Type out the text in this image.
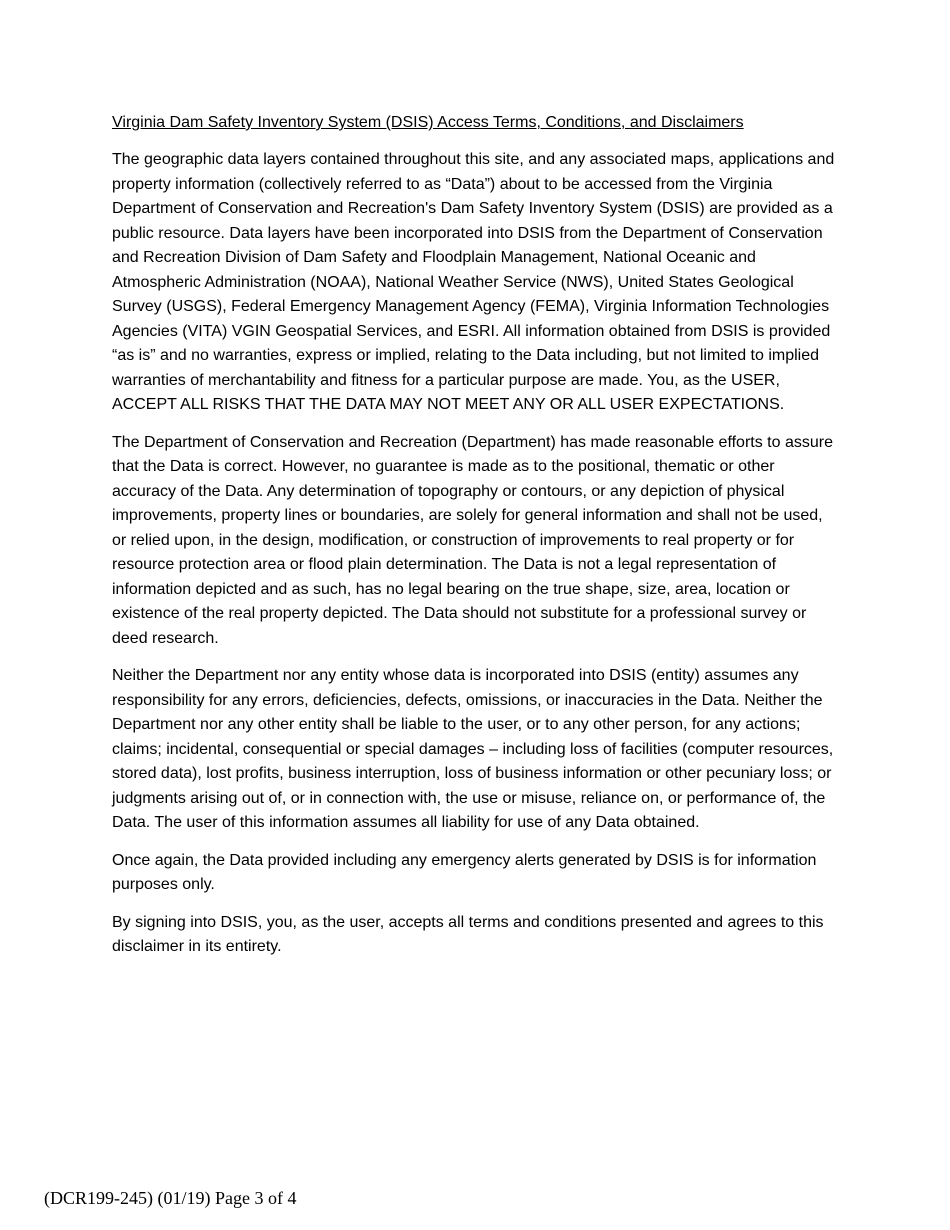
Virginia Dam Safety Inventory System (DSIS) Access Terms, Conditions, and Disclaimers

The geographic data layers contained throughout this site, and any associated maps, applications and property information (collectively referred to as “Data”) about to be accessed from the Virginia Department of Conservation and Recreation's Dam Safety Inventory System (DSIS) are provided as a public resource. Data layers have been incorporated into DSIS from the Department of Conservation and Recreation Division of Dam Safety and Floodplain Management, National Oceanic and Atmospheric Administration (NOAA), National Weather Service (NWS), United States Geological Survey (USGS), Federal Emergency Management Agency (FEMA), Virginia Information Technologies Agencies (VITA) VGIN Geospatial Services, and ESRI. All information obtained from DSIS is provided “as is” and no warranties, express or implied, relating to the Data including, but not limited to implied warranties of merchantability and fitness for a particular purpose are made. You, as the USER, ACCEPT ALL RISKS THAT THE DATA MAY NOT MEET ANY OR ALL USER EXPECTATIONS.

The Department of Conservation and Recreation (Department) has made reasonable efforts to assure that the Data is correct. However, no guarantee is made as to the positional, thematic or other accuracy of the Data. Any determination of topography or contours, or any depiction of physical improvements, property lines or boundaries, are solely for general information and shall not be used, or relied upon, in the design, modification, or construction of improvements to real property or for resource protection area or flood plain determination. The Data is not a legal representation of information depicted and as such, has no legal bearing on the true shape, size, area, location or existence of the real property depicted. The Data should not substitute for a professional survey or deed research.

Neither the Department nor any entity whose data is incorporated into DSIS (entity) assumes any responsibility for any errors, deficiencies, defects, omissions, or inaccuracies in the Data. Neither the Department nor any other entity shall be liable to the user, or to any other person, for any actions; claims; incidental, consequential or special damages – including loss of facilities (computer resources, stored data), lost profits, business interruption, loss of business information or other pecuniary loss; or judgments arising out of, or in connection with, the use or misuse, reliance on, or performance of, the Data. The user of this information assumes all liability for use of any Data obtained.

Once again, the Data provided including any emergency alerts generated by DSIS is for information purposes only.

By signing into DSIS, you, as the user, accepts all terms and conditions presented and agrees to this disclaimer in its entirety.

(DCR199-245) (01/19) Page 3 of 4
